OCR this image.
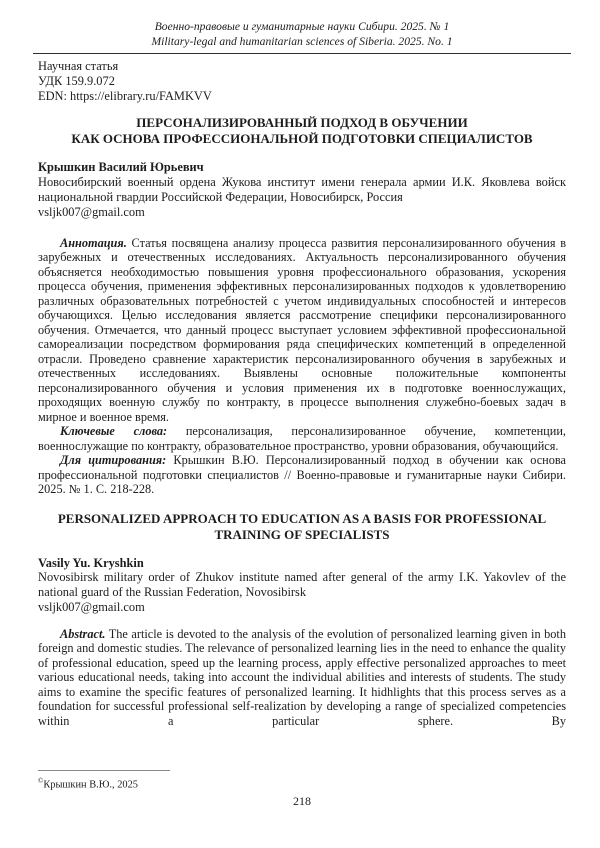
Военно-правовые и гуманитарные науки Сибири. 2025. № 1
Military-legal and humanitarian sciences of Siberia. 2025. No. 1
Научная статья
УДК 159.9.072
EDN: https://elibrary.ru/FAMKVV
ПЕРСОНАЛИЗИРОВАННЫЙ ПОДХОД В ОБУЧЕНИИ
КАК ОСНОВА ПРОФЕССИОНАЛЬНОЙ ПОДГОТОВКИ СПЕЦИАЛИСТОВ
Крышкин Василий Юрьевич
Новосибирский военный ордена Жукова институт имени генерала армии И.К. Яковлева войск национальной гвардии Российской Федерации, Новосибирск, Россия
vsljk007@gmail.com

Аннотация. Статья посвящена анализу процесса развития персонализированного обучения в зарубежных и отечественных исследованиях. Актуальность персонализированного обучения объясняется необходимостью повышения уровня профессионального образования, ускорения процесса обучения, применения эффективных персонализированных подходов к удовлетворению различных образовательных потребностей с учетом индивидуальных способностей и интересов обучающихся. Целью исследования является рассмотрение специфики персонализированного обучения. Отмечается, что данный процесс выступает условием эффективной профессиональной самореализации посредством формирования ряда специфических компетенций в определенной отрасли. Проведено сравнение характеристик персонализированного обучения в зарубежных и отечественных исследованиях. Выявлены основные положительные компоненты персонализированного обучения и условия применения их в подготовке военнослужащих, проходящих военную службу по контракту, в процессе выполнения служебно-боевых задач в мирное и военное время.

Ключевые слова: персонализация, персонализированное обучение, компетенции, военнослужащие по контракту, образовательное пространство, уровни образования, обучающийся.

Для цитирования: Крышкин В.Ю. Персонализированный подход в обучении как основа профессиональной подготовки специалистов // Военно-правовые и гуманитарные науки Сибири. 2025. № 1. С. 218-228.

PERSONALIZED APPROACH TO EDUCATION AS A BASIS FOR PROFESSIONAL
TRAINING OF SPECIALISTS
Vasily Yu. Kryshkin
Novosibirsk military order of Zhukov institute named after general of the army I.K. Yakovlev of the national guard of the Russian Federation, Novosibirsk
vsljk007@gmail.com

Abstract. The article is devoted to the analysis of the evolution of personalized learning given in both foreign and domestic studies. The relevance of personalized learning lies in the need to enhance the quality of professional education, speed up the learning process, apply effective personalized approaches to meet various educational needs, taking into account the individual abilities and interests of students. The study aims to examine the specific features of personalized learning. It hidhlights that this process serves as a foundation for successful professional self-realization by developing a range of specialized competencies within a particular sphere. By

©Крышкин В.Ю., 2025
218
